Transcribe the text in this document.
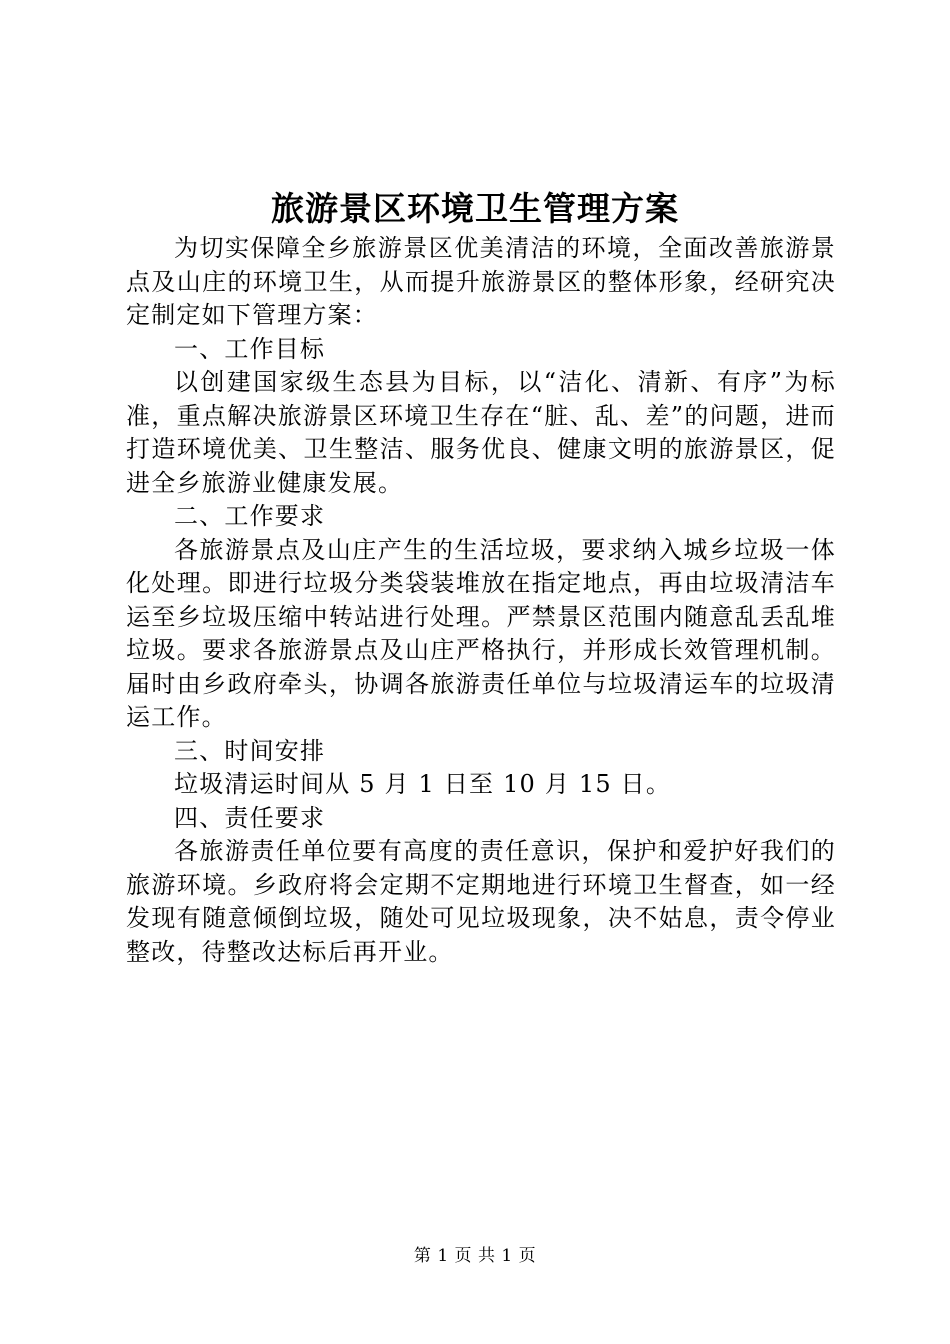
旅游景区环境卫生管理方案

为切实保障全乡旅游景区优美清洁的环境，全面改善旅游景点及山庄的环境卫生，从而提升旅游景区的整体形象，经研究决定制定如下管理方案：

一、工作目标

以创建国家级生态县为目标，以“洁化、清新、有序”为标准，重点解决旅游景区环境卫生存在“脏、乱、差”的问题，进而打造环境优美、卫生整洁、服务优良、健康文明的旅游景区，促进全乡旅游业健康发展。

二、工作要求

各旅游景点及山庄产生的生活垃圾，要求纳入城乡垃圾一体化处理。即进行垃圾分类袋装堆放在指定地点，再由垃圾清洁车运至乡垃圾压缩中转站进行处理。严禁景区范围内随意乱丢乱堆垃圾。要求各旅游景点及山庄严格执行，并形成长效管理机制。届时由乡政府牵头，协调各旅游责任单位与垃圾清运车的垃圾清运工作。

三、时间安排

垃圾清运时间从 5 月 1 日至 10 月 15 日。

四、责任要求

各旅游责任单位要有高度的责任意识，保护和爱护好我们的旅游环境。乡政府将会定期不定期地进行环境卫生督查，如一经发现有随意倾倒垃圾，随处可见垃圾现象，决不姑息，责令停业整改，待整改达标后再开业。

第 1 页 共 1 页
